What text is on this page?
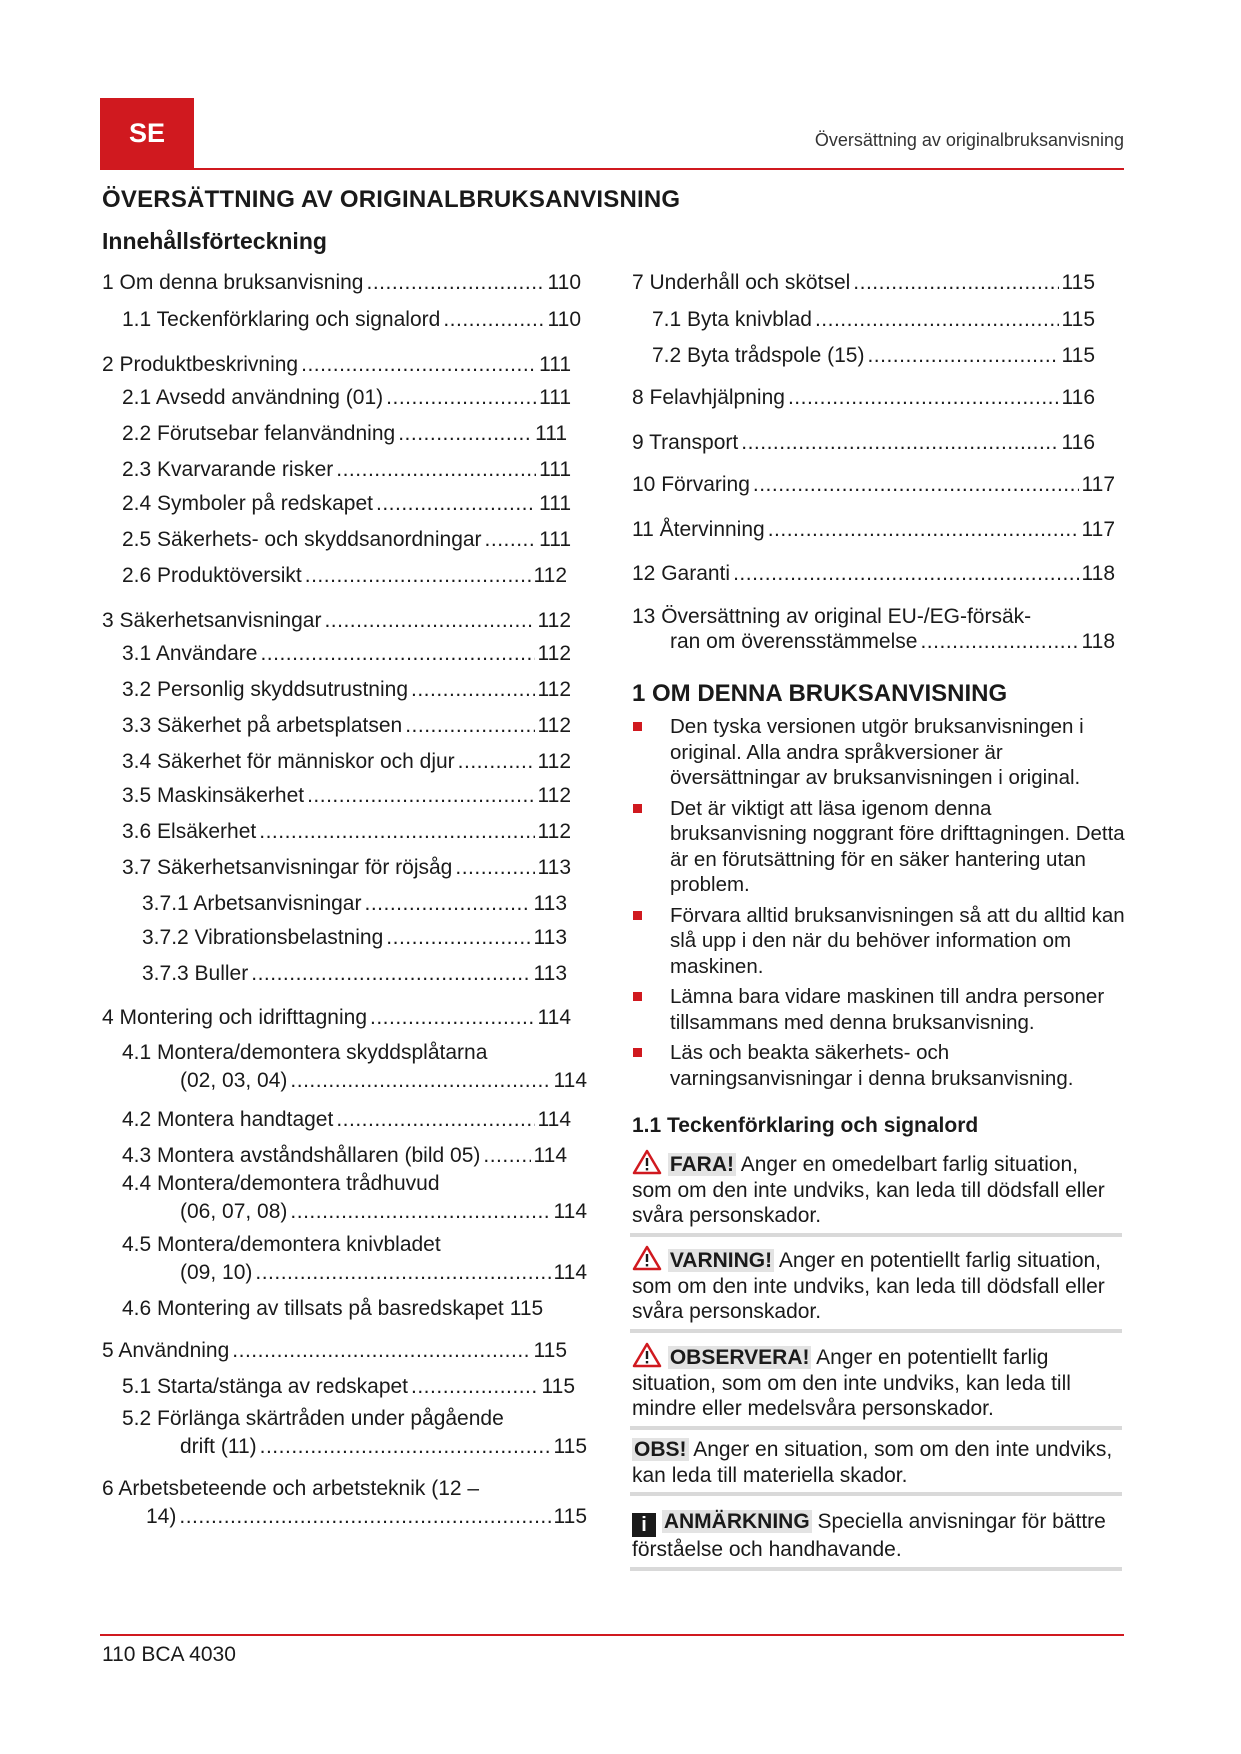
SE	Översättning av originalbruksanvisning
ÖVERSÄTTNING AV ORIGINALBRUKSANVISNING
Innehållsförteckning
1 Om denna bruksanvisning .....	110
1.1 Teckenförklaring och signalord .....	110
2 Produktbeskrivning .....	111
2.1 Avsedd användning (01) .....	111
2.2 Förutsebar felanvändning .....	111
2.3 Kvarvarande risker .....	111
2.4 Symboler på redskapet .....	111
2.5 Säkerhets- och skyddsanordningar .....	111
2.6 Produktöversikt .....	112
3 Säkerhetsanvisningar .....	112
3.1 Användare .....	112
3.2 Personlig skyddsutrustning .....	112
3.3 Säkerhet på arbetsplatsen .....	112
3.4 Säkerhet för människor och djur .....	112
3.5 Maskinsäkerhet .....	112
3.6 Elsäkerhet .....	112
3.7 Säkerhetsanvisningar för röjsåg .....	113
3.7.1 Arbetsanvisningar .....	113
3.7.2 Vibrationsbelastning .....	113
3.7.3 Buller .....	113
4 Montering och idrifttagning .....	114
4.1 Montera/demontera skyddsplåtarna
(02, 03, 04) .....	114
4.2 Montera handtaget .....	114
4.3 Montera avståndshållaren (bild 05) .....	114
4.4 Montera/demontera trådhuvud
(06, 07, 08) .....	114
4.5 Montera/demontera knivbladet
(09, 10) .....	114
4.6 Montering av tillsats på basredskapet 115
5 Användning .....	115
5.1 Starta/stänga av redskapet .....	115
5.2 Förlänga skärtråden under pågående
drift (11) .....	115
6 Arbetsbeteende och arbetsteknik (12 –
14) .....	115
7 Underhåll och skötsel .....	115
7.1 Byta knivblad .....	115
7.2 Byta trådspole (15) .....	115
8 Felavhjälpning .....	116
9 Transport .....	116
10 Förvaring .....	117
11 Återvinning .....	117
12 Garanti .....	118
13 Översättning av original EU-/EG-försäk-
ran om överensstämmelse .....	118
1 OM DENNA BRUKSANVISNING
Den tyska versionen utgör bruksanvisningen i original. Alla andra språkversioner är översättningar av bruksanvisningen i original.
Det är viktigt att läsa igenom denna bruksanvisning noggrant före drifttagningen. Detta är en förutsättning för en säker hantering utan problem.
Förvara alltid bruksanvisningen så att du alltid kan slå upp i den när du behöver information om maskinen.
Lämna bara vidare maskinen till andra personer tillsammans med denna bruksanvisning.
Läs och beakta säkerhets- och varningsanvisningar i denna bruksanvisning.
1.1 Teckenförklaring och signalord
FARA! Anger en omedelbart farlig situation, som om den inte undviks, kan leda till dödsfall eller svåra personskador.
VARNING! Anger en potentiellt farlig situation, som om den inte undviks, kan leda till dödsfall eller svåra personskador.
OBSERVERA! Anger en potentiellt farlig situation, som om den inte undviks, kan leda till mindre eller medelsvåra personskador.
OBS! Anger en situation, som om den inte undviks, kan leda till materiella skador.
i ANMÄRKNING Speciella anvisningar för bättre förståelse och handhavande.
110 BCA 4030
